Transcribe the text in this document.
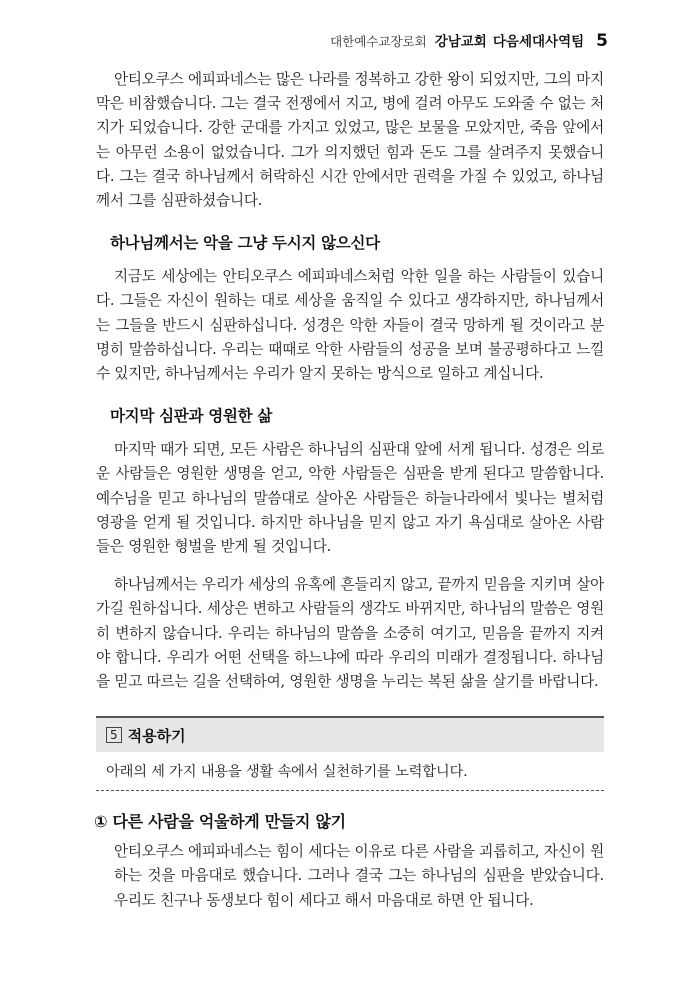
대한예수교장로회 강남교회 다음세대사역팀 5

안티오쿠스 에피파네스는 많은 나라를 정복하고 강한 왕이 되었지만, 그의 마지막은 비참했습니다. 그는 결국 전쟁에서 지고, 병에 걸려 아무도 도와줄 수 없는 처지가 되었습니다. 강한 군대를 가지고 있었고, 많은 보물을 모았지만, 죽음 앞에서는 아무런 소용이 없었습니다. 그가 의지했던 힘과 돈도 그를 살려주지 못했습니다. 그는 결국 하나님께서 허락하신 시간 안에서만 권력을 가질 수 있었고, 하나님께서 그를 심판하셨습니다.

하나님께서는 악을 그냥 두시지 않으신다

지금도 세상에는 안티오쿠스 에피파네스처럼 악한 일을 하는 사람들이 있습니다. 그들은 자신이 원하는 대로 세상을 움직일 수 있다고 생각하지만, 하나님께서는 그들을 반드시 심판하십니다. 성경은 악한 자들이 결국 망하게 될 것이라고 분명히 말씀하십니다. 우리는 때때로 악한 사람들의 성공을 보며 불공평하다고 느낄 수 있지만, 하나님께서는 우리가 알지 못하는 방식으로 일하고 계십니다.

마지막 심판과 영원한 삶

마지막 때가 되면, 모든 사람은 하나님의 심판대 앞에 서게 됩니다. 성경은 의로운 사람들은 영원한 생명을 얻고, 악한 사람들은 심판을 받게 된다고 말씀합니다. 예수님을 믿고 하나님의 말씀대로 살아온 사람들은 하늘나라에서 빛나는 별처럼 영광을 얻게 될 것입니다. 하지만 하나님을 믿지 않고 자기 욕심대로 살아온 사람들은 영원한 형벌을 받게 될 것입니다.

하나님께서는 우리가 세상의 유혹에 흔들리지 않고, 끝까지 믿음을 지키며 살아가길 원하십니다. 세상은 변하고 사람들의 생각도 바뀌지만, 하나님의 말씀은 영원히 변하지 않습니다. 우리는 하나님의 말씀을 소중히 여기고, 믿음을 끝까지 지켜야 합니다. 우리가 어떤 선택을 하느냐에 따라 우리의 미래가 결정됩니다. 하나님을 믿고 따르는 길을 선택하여, 영원한 생명을 누리는 복된 삶을 살기를 바랍니다.

5 적용하기
아래의 세 가지 내용을 생활 속에서 실천하기를 노력합니다.
① 다른 사람을 억울하게 만들지 않기

안티오쿠스 에피파네스는 힘이 세다는 이유로 다른 사람을 괴롭히고, 자신이 원하는 것을 마음대로 했습니다. 그러나 결국 그는 하나님의 심판을 받았습니다. 우리도 친구나 동생보다 힘이 세다고 해서 마음대로 하면 안 됩니다.
